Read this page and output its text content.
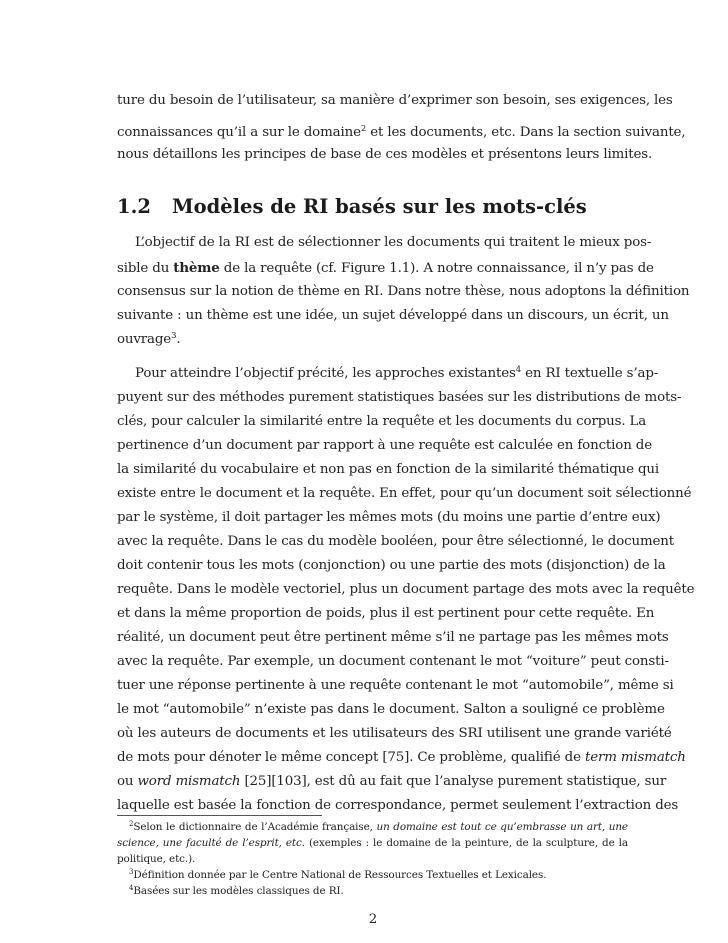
ture du besoin de l’utilisateur, sa manière d’exprimer son besoin, ses exigences, les
connaissances qu’il a sur le domaine$^2$ et les documents, etc. Dans la section suivante,
nous détaillons les principes de base de ces modèles et présentons leurs limites.
1.2 Modèles de RI basés sur les mots-clés
L’objectif de la RI est de sélectionner les documents qui traitent le mieux pos-
sible du thème de la requête (cf. Figure 1.1). A notre connaissance, il n’y pas de
consensus sur la notion de thème en RI. Dans notre thèse, nous adoptons la définition
suivante : un thème est une idée, un sujet développé dans un discours, un écrit, un
ouvrage$^3$.
Pour atteindre l’objectif précité, les approches existantes$^4$ en RI textuelle s’ap-
puyent sur des méthodes purement statistiques basées sur les distributions de mots-
clés, pour calculer la similarité entre la requête et les documents du corpus. La
pertinence d’un document par rapport à une requête est calculée en fonction de
la similarité du vocabulaire et non pas en fonction de la similarité thématique qui
existe entre le document et la requête. En effet, pour qu’un document soit sélectionné
par le système, il doit partager les mêmes mots (du moins une partie d’entre eux)
avec la requête. Dans le cas du modèle booléen, pour être sélectionné, le document
doit contenir tous les mots (conjonction) ou une partie des mots (disjonction) de la
requête. Dans le modèle vectoriel, plus un document partage des mots avec la requête
et dans la même proportion de poids, plus il est pertinent pour cette requête. En
réalité, un document peut être pertinent même s’il ne partage pas les mêmes mots
avec la requête. Par exemple, un document contenant le mot “voiture” peut consti-
tuer une réponse pertinente à une requête contenant le mot “automobile”, même si
le mot “automobile” n’existe pas dans le document. Salton a souligné ce problème
où les auteurs de documents et les utilisateurs des SRI utilisent une grande variété
de mots pour dénoter le même concept [75]. Ce problème, qualifié de term mismatch
ou word mismatch [25][103], est dû au fait que l’analyse purement statistique, sur
laquelle est basée la fonction de correspondance, permet seulement l’extraction des
$^2$Selon le dictionnaire de l’Académie française, un domaine est tout ce qu’embrasse un art, une
science, une faculté de l’esprit, etc. (exemples : le domaine de la peinture, de la sculpture, de la
politique, etc.).
$^3$Définition donnée par le Centre National de Ressources Textuelles et Lexicales.
$^4$Basées sur les modèles classiques de RI.
2
